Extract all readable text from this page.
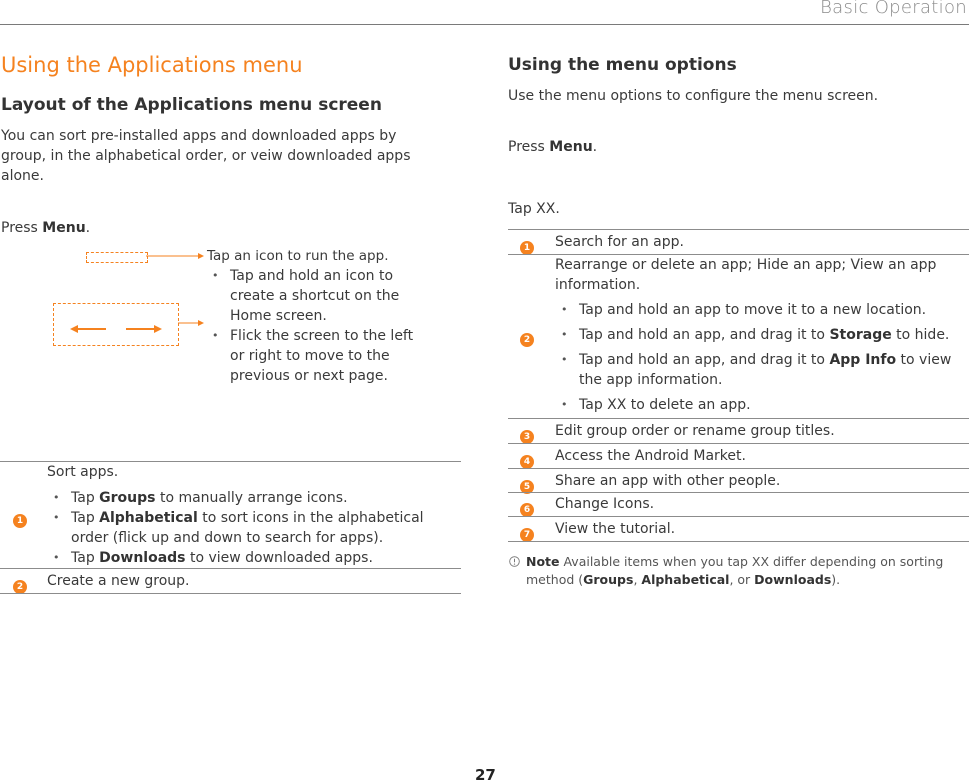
Basic Operation
Using the Applications menu
Layout of the Applications menu screen
You can sort pre-installed apps and downloaded apps by group, in the alphabetical order, or veiw downloaded apps alone.
Press Menu.
Tap an icon to run the app.
• Tap and hold an icon to create a shortcut on the Home screen.
• Flick the screen to the left or right to move to the previous or next page.
1
Sort apps.
• Tap Groups to manually arrange icons.
• Tap Alphabetical to sort icons in the alphabetical order (flick up and down to search for apps).
• Tap Downloads to view downloaded apps.
2 Create a new group.
Using the menu options
Use the menu options to configure the menu screen.
Press Menu.
Tap XX.
1 Search for an app.
2
Rearrange or delete an app; Hide an app; View an app information.
• Tap and hold an app to move it to a new location.
• Tap and hold an app, and drag it to Storage to hide.
• Tap and hold an app, and drag it to App Info to view the app information.
• Tap XX to delete an app.
3 Edit group order or rename group titles.
4 Access the Android Market.
5 Share an app with other people.
6 Change Icons.
7 View the tutorial.
Note Available items when you tap XX differ depending on sorting method (Groups, Alphabetical, or Downloads).
27
